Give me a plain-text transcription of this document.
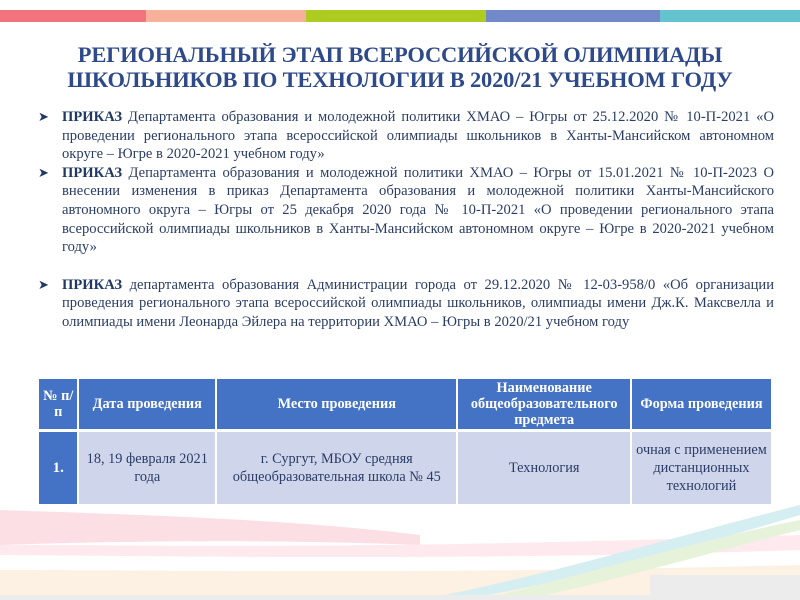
РЕГИОНАЛЬНЫЙ ЭТАП ВСЕРОССИЙСКОЙ ОЛИМПИАДЫ
ШКОЛЬНИКОВ ПО ТЕХНОЛОГИИ В 2020/21 УЧЕБНОМ ГОДУ
➤ ПРИКАЗ Департамента образования и молодежной политики ХМАО – Югры от 25.12.2020 № 10-П-2021 «О проведении регионального этапа всероссийской олимпиады школьников в Ханты-Мансийском автономном округе – Югре в 2020-2021 учебном году»
➤ ПРИКАЗ Департамента образования и молодежной политики ХМАО – Югры от 15.01.2021 № 10-П-2023 О внесении изменения в приказ Департамента образования и молодежной политики Ханты-Мансийского автономного округа – Югры от 25 декабря 2020 года № 10-П-2021 «О проведении регионального этапа всероссийской олимпиады школьников в Ханты-Мансийском автономном округе – Югре в 2020-2021 учебном году»
➤ ПРИКАЗ департамента образования Администрации города от 29.12.2020 № 12-03-958/0 «Об организации проведения регионального этапа всероссийской олимпиады школьников, олимпиады имени Дж.К. Максвелла и олимпиады имени Леонарда Эйлера на территории ХМАО – Югры в 2020/21 учебном году
№ п/п	Дата проведения	Место проведения	Наименование общеобразовательного предмета	Форма проведения
1.	18, 19 февраля 2021 года	г. Сургут, МБОУ средняя общеобразовательная школа № 45	Технология	очная с применением дистанционных технологий
